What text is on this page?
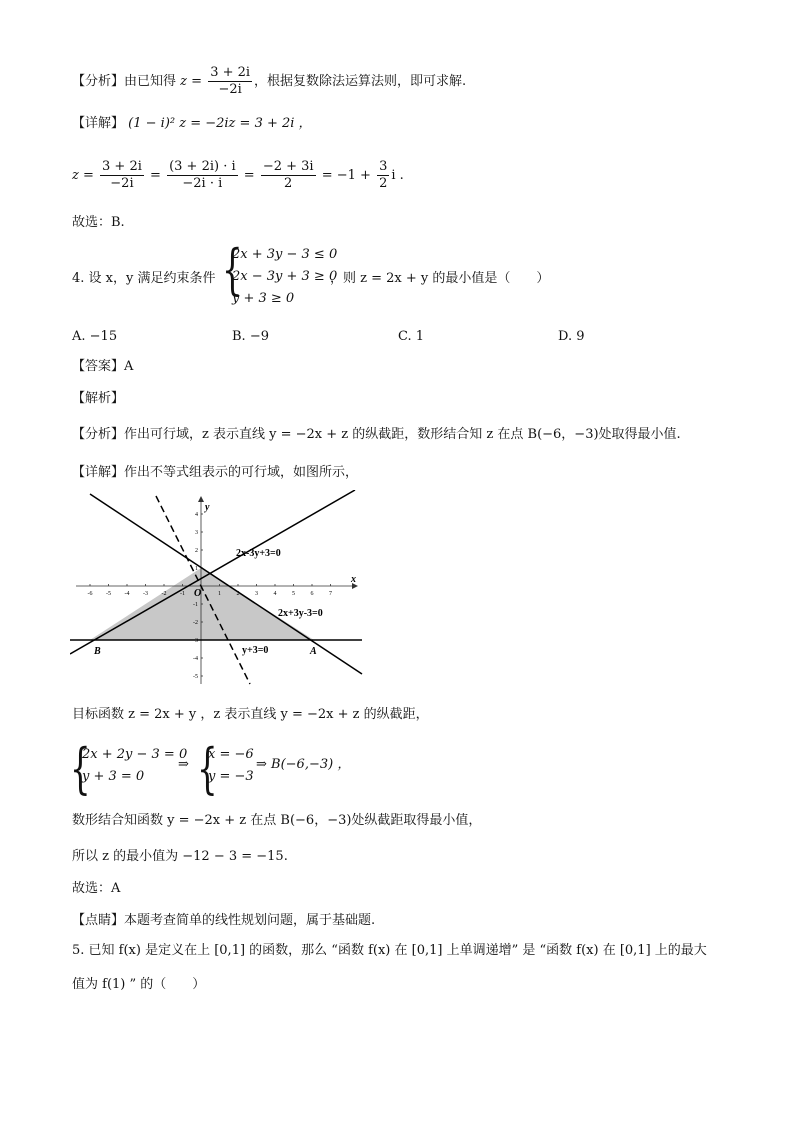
【分析】由已知得 $z = \frac{3 + 2i}{-2i}$ ，根据复数除法运算法则，即可求解.
【详解】 (1 − i)² z = −2iz = 3 + 2i ，
$z = \frac{3 + 2i}{-2i} = \frac{(3 + 2i) \cdot i}{-2i \cdot i} = \frac{-2 + 3i}{2} = -1 + \frac{3}{2}$ i .
故选：B.
4. 设 x，y 满足约束条件 {
2x + 3y − 3 ≤ 0
2x − 3y + 3 ≥ 0
y + 3 ≥ 0
，则 z = 2x + y 的最小值是（　　）
A. −15	B. −9	C. 1	D. 9
【答案】A
【解析】
【分析】作出可行域，z 表示直线 y = −2x + z 的纵截距，数形结合知 z 在点 B(−6，−3)处取得最小值.
【详解】作出不等式组表示的可行域，如图所示，
-6 -5 -4 -3 -2 -1	1	2	3	4	5	6	7
4
3
2
1
-1
-2
-3
-4
-5
x
y
O
2x-3y+3=0
2x+3y-3=0
y+3=0
B	A
目标函数 z = 2x + y ，z 表示直线 y = −2x + z 的纵截距，
{
2x + 2y − 3 = 0
y + 3 = 0
⇒ {
x = −6
y = −3
⇒ B(−6,−3) ，
数形结合知函数 y = −2x + z 在点 B(−6，−3)处纵截距取得最小值，
所以 z 的最小值为 −12 − 3 = −15.
故选：A
【点睛】本题考查简单的线性规划问题，属于基础题.
5. 已知 f(x) 是定义在上 [0,1] 的函数，那么 “函数 f(x) 在 [0,1] 上单调递增” 是 “函数 f(x) 在 [0,1] 上的最大
值为 f(1) ” 的（　　）
